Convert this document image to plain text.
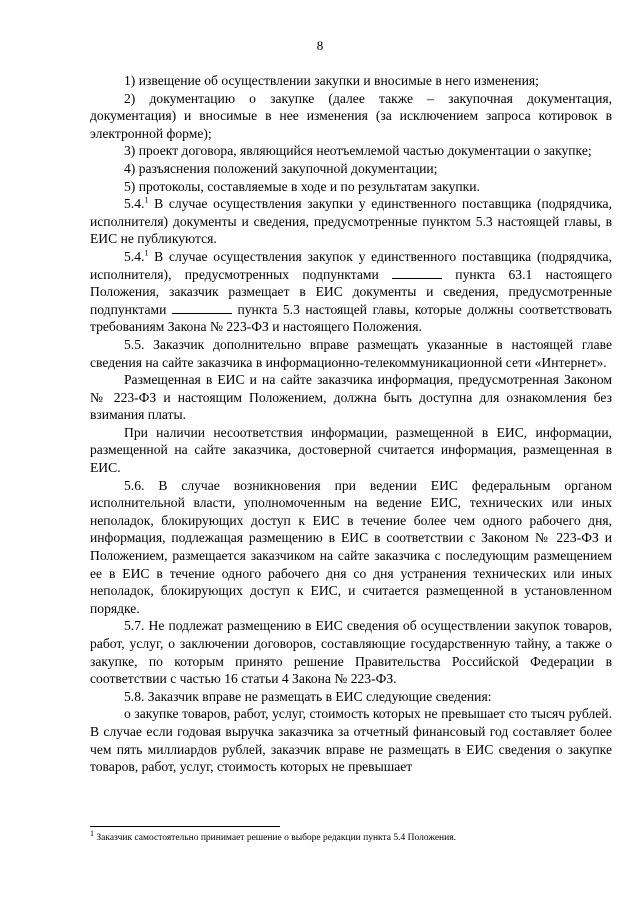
8

1) извещение об осуществлении закупки и вносимые в него изменения;

2) документацию о закупке (далее также – закупочная документация, документация) и вносимые в нее изменения (за исключением запроса котировок в электронной форме);

3) проект договора, являющийся неотъемлемой частью документации о закупке;

4) разъяснения положений закупочной документации;

5) протоколы, составляемые в ходе и по результатам закупки.

5.4.$^1$ В случае осуществления закупки у единственного поставщика (подрядчика, исполнителя) документы и сведения, предусмотренные пунктом 5.3 настоящей главы, в ЕИС не публикуются.

5.4.$^1$ В случае осуществления закупок у единственного поставщика (подрядчика, исполнителя), предусмотренных подпунктами	пункта 63.1 настоящего Положения, заказчик размещает в ЕИС документы и сведения, предусмотренные подпунктами	пункта 5.3 настоящей главы, которые должны соответствовать требованиям Закона № 223-ФЗ и настоящего Положения.

5.5. Заказчик дополнительно вправе размещать указанные в настоящей главе сведения на сайте заказчика в информационно-телекоммуникационной сети «Интернет».

Размещенная в ЕИС и на сайте заказчика информация, предусмотренная Законом № 223-ФЗ и настоящим Положением, должна быть доступна для ознакомления без взимания платы.

При наличии несоответствия информации, размещенной в ЕИС, информации, размещенной на сайте заказчика, достоверной считается информация, размещенная в ЕИС.

5.6. В случае возникновения при ведении ЕИС федеральным органом исполнительной власти, уполномоченным на ведение ЕИС, технических или иных неполадок, блокирующих доступ к ЕИС в течение более чем одного рабочего дня, информация, подлежащая размещению в ЕИС в соответствии с Законом № 223-ФЗ и Положением, размещается заказчиком на сайте заказчика с последующим размещением ее в ЕИС в течение одного рабочего дня со дня устранения технических или иных неполадок, блокирующих доступ к ЕИС, и считается размещенной в установленном порядке.

5.7. Не подлежат размещению в ЕИС сведения об осуществлении закупок товаров, работ, услуг, о заключении договоров, составляющие государственную тайну, а также о закупке, по которым принято решение Правительства Российской Федерации в соответствии с частью 16 статьи 4 Закона № 223-ФЗ.

5.8. Заказчик вправе не размещать в ЕИС следующие сведения:

о закупке товаров, работ, услуг, стоимость которых не превышает сто тысяч рублей. В случае если годовая выручка заказчика за отчетный финансовый год составляет более чем пять миллиардов рублей, заказчик вправе не размещать в ЕИС сведения о закупке товаров, работ, услуг, стоимость которых не превышает

$^1$ Заказчик самостоятельно принимает решение о выборе редакции пункта 5.4 Положения.
